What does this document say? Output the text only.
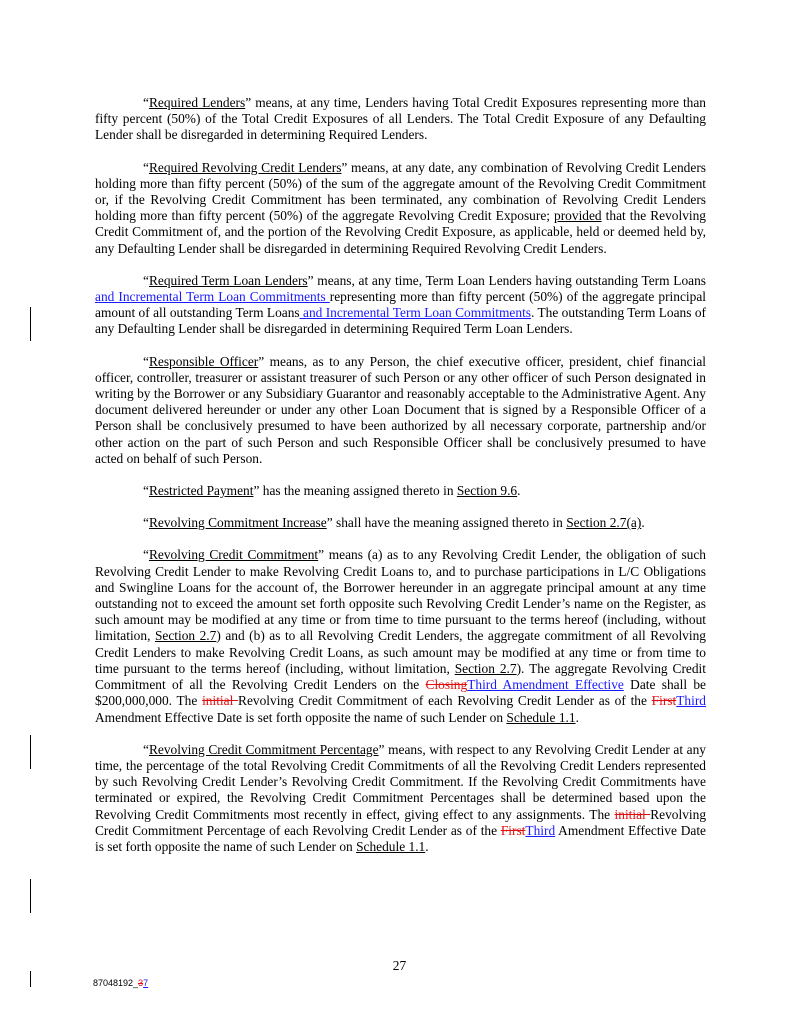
“Required Lenders” means, at any time, Lenders having Total Credit Exposures representing more than fifty percent (50%) of the Total Credit Exposures of all Lenders. The Total Credit Exposure of any Defaulting Lender shall be disregarded in determining Required Lenders.

“Required Revolving Credit Lenders” means, at any date, any combination of Revolving Credit Lenders holding more than fifty percent (50%) of the sum of the aggregate amount of the Revolving Credit Commitment or, if the Revolving Credit Commitment has been terminated, any combination of Revolving Credit Lenders holding more than fifty percent (50%) of the aggregate Revolving Credit Exposure; provided that the Revolving Credit Commitment of, and the portion of the Revolving Credit Exposure, as applicable, held or deemed held by, any Defaulting Lender shall be disregarded in determining Required Revolving Credit Lenders.

“Required Term Loan Lenders” means, at any time, Term Loan Lenders having outstanding Term Loans and Incremental Term Loan Commitments representing more than fifty percent (50%) of the aggregate principal amount of all outstanding Term Loans and Incremental Term Loan Commitments. The outstanding Term Loans of any Defaulting Lender shall be disregarded in determining Required Term Loan Lenders.

“Responsible Officer” means, as to any Person, the chief executive officer, president, chief financial officer, controller, treasurer or assistant treasurer of such Person or any other officer of such Person designated in writing by the Borrower or any Subsidiary Guarantor and reasonably acceptable to the Administrative Agent. Any document delivered hereunder or under any other Loan Document that is signed by a Responsible Officer of a Person shall be conclusively presumed to have been authorized by all necessary corporate, partnership and/or other action on the part of such Person and such Responsible Officer shall be conclusively presumed to have acted on behalf of such Person.

“Restricted Payment” has the meaning assigned thereto in Section 9.6.

“Revolving Commitment Increase” shall have the meaning assigned thereto in Section 2.7(a).

“Revolving Credit Commitment” means (a) as to any Revolving Credit Lender, the obligation of such Revolving Credit Lender to make Revolving Credit Loans to, and to purchase participations in L/C Obligations and Swingline Loans for the account of, the Borrower hereunder in an aggregate principal amount at any time outstanding not to exceed the amount set forth opposite such Revolving Credit Lender’s name on the Register, as such amount may be modified at any time or from time to time pursuant to the terms hereof (including, without limitation, Section 2.7) and (b) as to all Revolving Credit Lenders, the aggregate commitment of all Revolving Credit Lenders to make Revolving Credit Loans, as such amount may be modified at any time or from time to time pursuant to the terms hereof (including, without limitation, Section 2.7). The aggregate Revolving Credit Commitment of all the Revolving Credit Lenders on the ClosingThird Amendment Effective Date shall be $200,000,000. The initial Revolving Credit Commitment of each Revolving Credit Lender as of the FirstThird Amendment Effective Date is set forth opposite the name of such Lender on Schedule 1.1.

“Revolving Credit Commitment Percentage” means, with respect to any Revolving Credit Lender at any time, the percentage of the total Revolving Credit Commitments of all the Revolving Credit Lenders represented by such Revolving Credit Lender’s Revolving Credit Commitment. If the Revolving Credit Commitments have terminated or expired, the Revolving Credit Commitment Percentages shall be determined based upon the Revolving Credit Commitments most recently in effect, giving effect to any assignments. The initial Revolving Credit Commitment Percentage of each Revolving Credit Lender as of the FirstThird Amendment Effective Date is set forth opposite the name of such Lender on Schedule 1.1.

27
87048192_37
